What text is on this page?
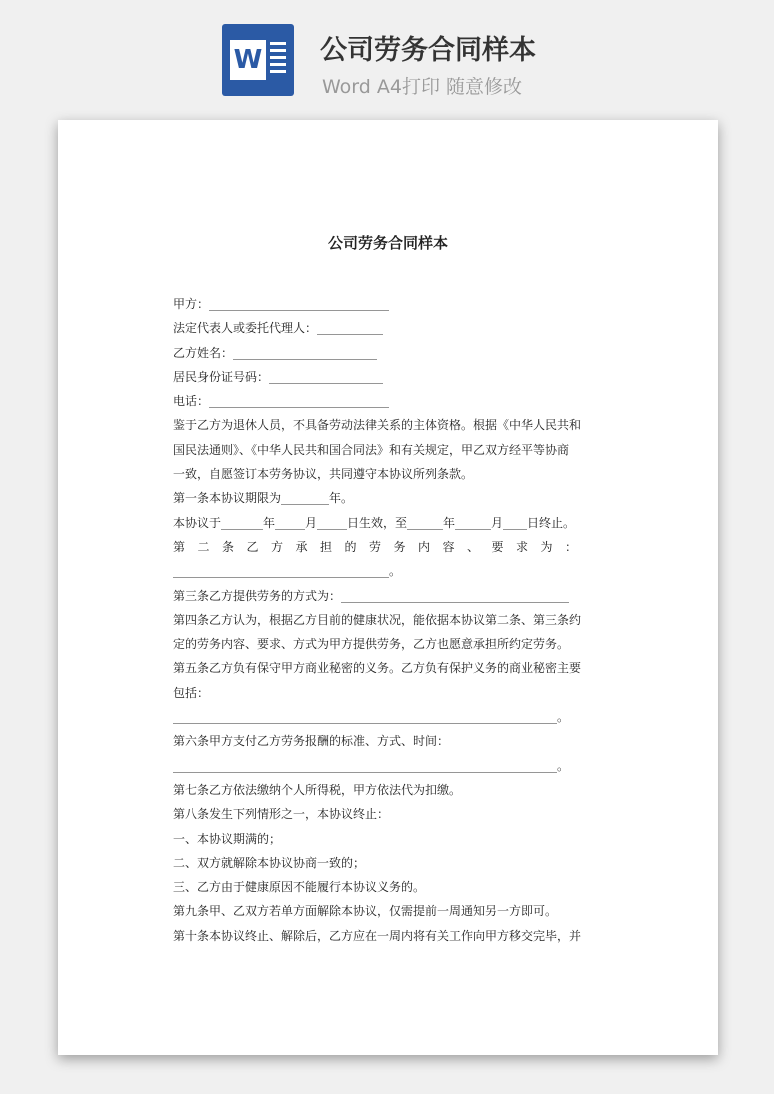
W 公司劳务合同样本
Word A4打印 随意修改
公司劳务合同样本
甲方：______________________________
法定代表人或委托代理人：___________
乙方姓名：________________________
居民身份证号码：___________________
电话：______________________________
鉴于乙方为退休人员，不具备劳动法律关系的主体资格。根据《中华人民共和
国民法通则》、《中华人民共和国合同法》和有关规定，甲乙双方经平等协商
一致，自愿签订本劳务协议，共同遵守本协议所列条款。
第一条本协议期限为________年。
本协议于_______年_____月_____日生效，至______年______月____日终止。
第二条乙方承担的劳务内容、要求为：
____________________________________。
第三条乙方提供劳务的方式为：______________________________________
第四条乙方认为，根据乙方目前的健康状况，能依据本协议第二条、第三条约
定的劳务内容、要求、方式为甲方提供劳务，乙方也愿意承担所约定劳务。
第五条乙方负有保守甲方商业秘密的义务。乙方负有保护义务的商业秘密主要
包括：
________________________________________________________________。
第六条甲方支付乙方劳务报酬的标准、方式、时间：
________________________________________________________________。
第七条乙方依法缴纳个人所得税，甲方依法代为扣缴。
第八条发生下列情形之一，本协议终止：
一、本协议期满的；
二、双方就解除本协议协商一致的；
三、乙方由于健康原因不能履行本协议义务的。
第九条甲、乙双方若单方面解除本协议，仅需提前一周通知另一方即可。
第十条本协议终止、解除后，乙方应在一周内将有关工作向甲方移交完毕，并
